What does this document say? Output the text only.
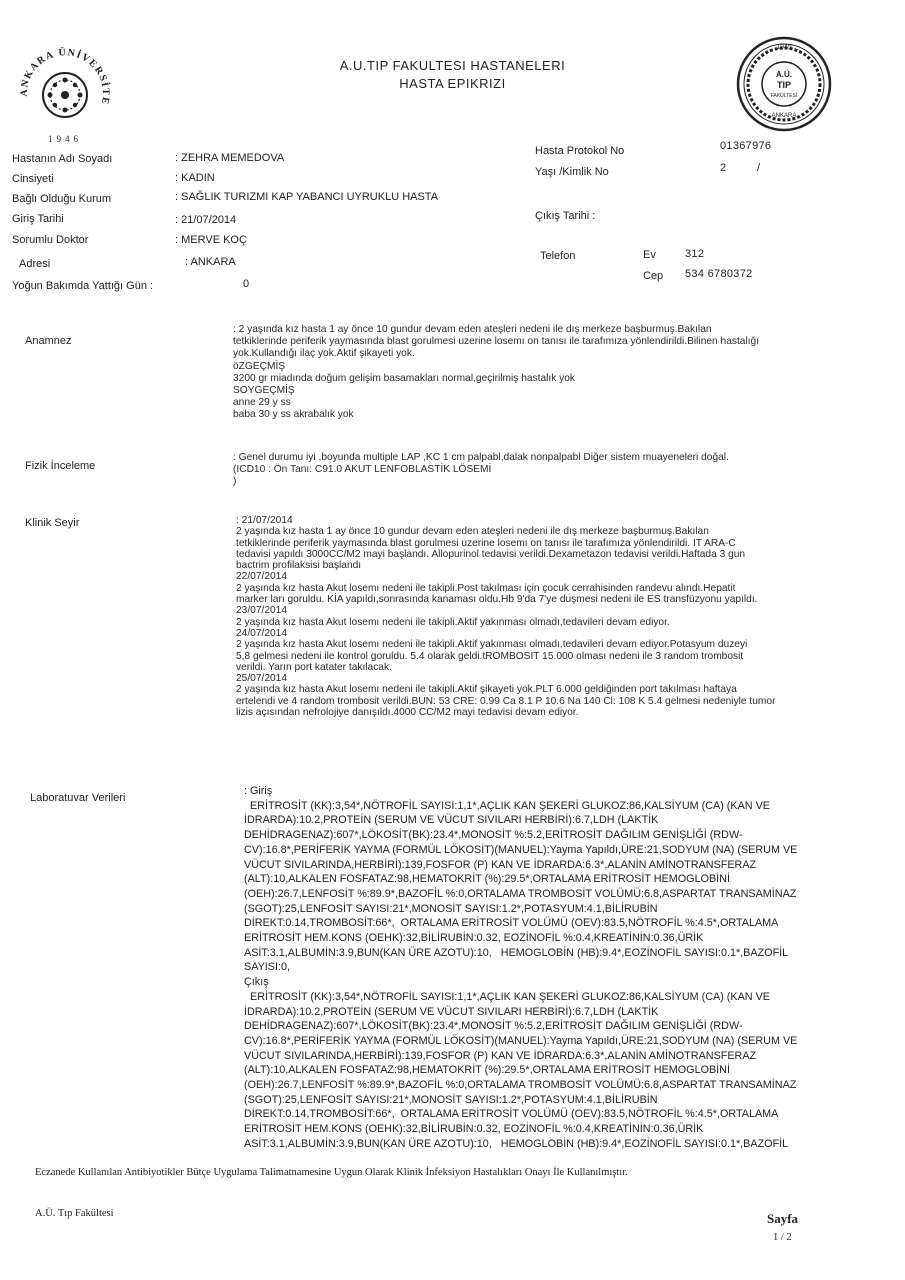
ANKARA ÜNİVERSİTE
1946
A.U.TIP FAKULTESI HASTANELERI
HASTA EPIKRIZI
1945
A.Ü.
TIP
FAKÜLTESİ
ANKARA
Hastanın Adı Soyadı	: ZEHRA MEMEDOVA
Cinsiyeti	: KADIN
Bağlı Olduğu Kurum	: SAĞLIK TURIZMI KAP YABANCI UYRUKLU HASTA
Giriş Tarihi	: 21/07/2014
Sorumlu Doktor	: MERVE KOÇ
Adresi	: ANKARA
Yoğun Bakımda Yattığı Gün :	0
Hasta Protokol No	01367976
Yaşı /Kimlik No	2	/
Çıkış Tarihi :
Telefon	Ev	312
Cep 534 6780372
Anamnez
: 2 yaşında kız hasta 1 ay önce 10 gundur devam eden ateşleri nedeni ile dış merkeze başburmuş.Bakılan
tetkiklerinde periferik yaymasında blast gorulmesi uzerine losemı on tanısı ile tarafımıza yönlendirildi.Bilinen hastalığı
yok.Kullandığı ilaç yok.Aktif şikayeti yok.
öZGEÇMİŞ
3200 gr miadında doğum gelişim basamakları normal,geçirilmiş hastalık yok
SOYGEÇMİŞ
anne 29 y ss
baba 30 y ss akrabalık yok
Fizik İnceleme
: Genel durumu iyi ,boyunda multiple LAP ,KC 1 cm palpabl,dalak nonpalpabl Diğer sistem muayeneleri doğal.
(ICD10 : Ön Tanı: C91.0 AKUT LENFOBLASTİK LÖSEMİ
)
Klinik Seyir	: 21/07/2014
2 yaşında kız hasta 1 ay önce 10 gundur devam eden ateşleri nedeni ile dış merkeze başburmuş.Bakılan
tetkiklerinde periferik yaymasında blast gorulmesi uzerine losemı on tanısı ile tarafımıza yönlendirildi. IT ARA-C
tedavisi yapıldı 3000CC/M2 mayi başlandı. Allopurinol tedavisi verildi.Dexametazon tedavisi verildi.Haftada 3 gun
bactrim profilaksisi başlandı
22/07/2014
2 yaşında kız hasta Akut losemı nedeni ile takipli.Post takılması için çocuk cerrahisinden randevu alındı.Hepatit
marker ları goruldu. KİA yapıldı,sonrasında kanaması oldu.Hb 9'da 7'ye duşmesi nedeni ile ES transfüzyonu yapıldı.
23/07/2014
2 yaşında kız hasta Akut losemı nedeni ile takipli.Aktif yakınması olmadı,tedavileri devam ediyor.
24/07/2014
2 yaşında kız hasta Akut losemı nedeni ile takipli.Aktif yakınması olmadı,tedavileri devam ediyor.Potasyum duzeyi
5,8 gelmesi nedeni ile kontrol goruldu. 5.4 olarak geldi.tROMBOSIT 15.000 olması nedeni ile 3 random trombosit
verildi. Yarın port katater takılacak.
25/07/2014
2 yaşında kız hasta Akut losemı nedeni ile takipli.Aktif şikayeti yok.PLT 6.000 geldiğinden port takılması haftaya
ertelendi ve 4 random trombosit verildi.BUN: 53 CRE: 0.99 Ca 8.1 P 10.6 Na 140 Cl: 108 K 5.4 gelmesi nedeniyle tumor
lizis açısından nefrolojiye danışıldı.4000 CC/M2 mayi tedavisi devam ediyor.
Laboratuvar Verileri
: Giriş
ERİTROSİT (KK):3,54*,NÖTROFİL SAYISI:1,1*,AÇLIK KAN ŞEKERİ GLUKOZ:86,KALSİYUM (CA) (KAN VE
İDRARDA):10.2,PROTEİN (SERUM VE VÜCUT SIVILARI HERBİRİ):6.7,LDH (LAKTİK
DEHİDRAGENAZ):607*,LÖKOSİT(BK):23.4*,MONOSİT %:5.2,ERİTROSİT DAĞILIM GENİŞLİĞİ (RDW-
CV):16.8*,PERİFERİK YAYMA (FORMÜL LÖKOSİT)(MANUEL):Yayma Yapıldı,ÜRE:21,SODYUM (NA) (SERUM VE
VÜCUT SIVILARINDA,HERBİRİ):139,FOSFOR (P) KAN VE İDRARDA:6.3*,ALANİN AMİNOTRANSFERAZ
(ALT):10,ALKALEN FOSFATAZ:98,HEMATOKRİT (%):29.5*,ORTALAMA ERİTROSİT HEMOGLOBİNİ
(OEH):26.7,LENFOSİT %:89.9*,BAZOFİL %:0,ORTALAMA TROMBOSİT VOLÜMÜ:6.8,ASPARTAT TRANSAMİNAZ
(SGOT):25,LENFOSİT SAYISI:21*,MONOSİT SAYISI:1.2*,POTASYUM:4.1,BİLİRUBİN
DİREKT:0.14,TROMBOSİT:66*,  ORTALAMA ERİTROSİT VOLÜMÜ (OEV):83.5,NÖTROFİL %:4.5*,ORTALAMA
ERİTROSİT HEM.KONS (OEHK):32,BİLİRUBİN:0.32, EOZİNOFİL %:0.4,KREATİNİN:0.36,ÜRİK
ASİT:3.1,ALBUMİN:3.9,BUN(KAN ÜRE AZOTU):10,   HEMOGLOBİN (HB):9.4*,EOZİNOFİL SAYISI:0.1*,BAZOFİL
SAYISI:0,
Çıkış
ERİTROSİT (KK):3,54*,NÖTROFİL SAYISI:1,1*,AÇLIK KAN ŞEKERİ GLUKOZ:86,KALSİYUM (CA) (KAN VE
İDRARDA):10.2,PROTEİN (SERUM VE VÜCUT SIVILARI HERBİRİ):6.7,LDH (LAKTİK
DEHİDRAGENAZ):607*,LÖKOSİT(BK):23.4*,MONOSİT %:5.2,ERİTROSİT DAĞILIM GENİŞLİĞİ (RDW-
CV):16.8*,PERİFERİK YAYMA (FORMÜL LÖKOSİT)(MANUEL):Yayma Yapıldı,ÜRE:21,SODYUM (NA) (SERUM VE
VÜCUT SIVILARINDA,HERBİRİ):139,FOSFOR (P) KAN VE İDRARDA:6.3*,ALANİN AMİNOTRANSFERAZ
(ALT):10,ALKALEN FOSFATAZ:98,HEMATOKRİT (%):29.5*,ORTALAMA ERİTROSİT HEMOGLOBİNİ
(OEH):26.7,LENFOSİT %:89.9*,BAZOFİL %:0,ORTALAMA TROMBOSİT VOLÜMÜ:6.8,ASPARTAT TRANSAMİNAZ
(SGOT):25,LENFOSİT SAYISI:21*,MONOSİT SAYISI:1.2*,POTASYUM:4.1,BİLİRUBİN
DİREKT:0.14,TROMBOSİT:66*,  ORTALAMA ERİTROSİT VOLÜMÜ (OEV):83.5,NÖTROFİL %:4.5*,ORTALAMA
ERİTROSİT HEM.KONS (OEHK):32,BİLİRUBİN:0.32, EOZİNOFİL %:0.4,KREATİNİN:0.36,ÜRİK
ASİT:3.1,ALBUMİN:3.9,BUN(KAN ÜRE AZOTU):10,   HEMOGLOBİN (HB):9.4*,EOZİNOFİL SAYISI:0.1*,BAZOFİL
Eczanede Kullanılan Antibiyotikler Bütçe Uygulama Talimatnamesine Uygun Olarak Klinik İnfeksiyon Hastalıkları Onayı İle Kullanılmıştır.
A.Ü. Tıp Fakültesi	Sayfa
1 / 2
